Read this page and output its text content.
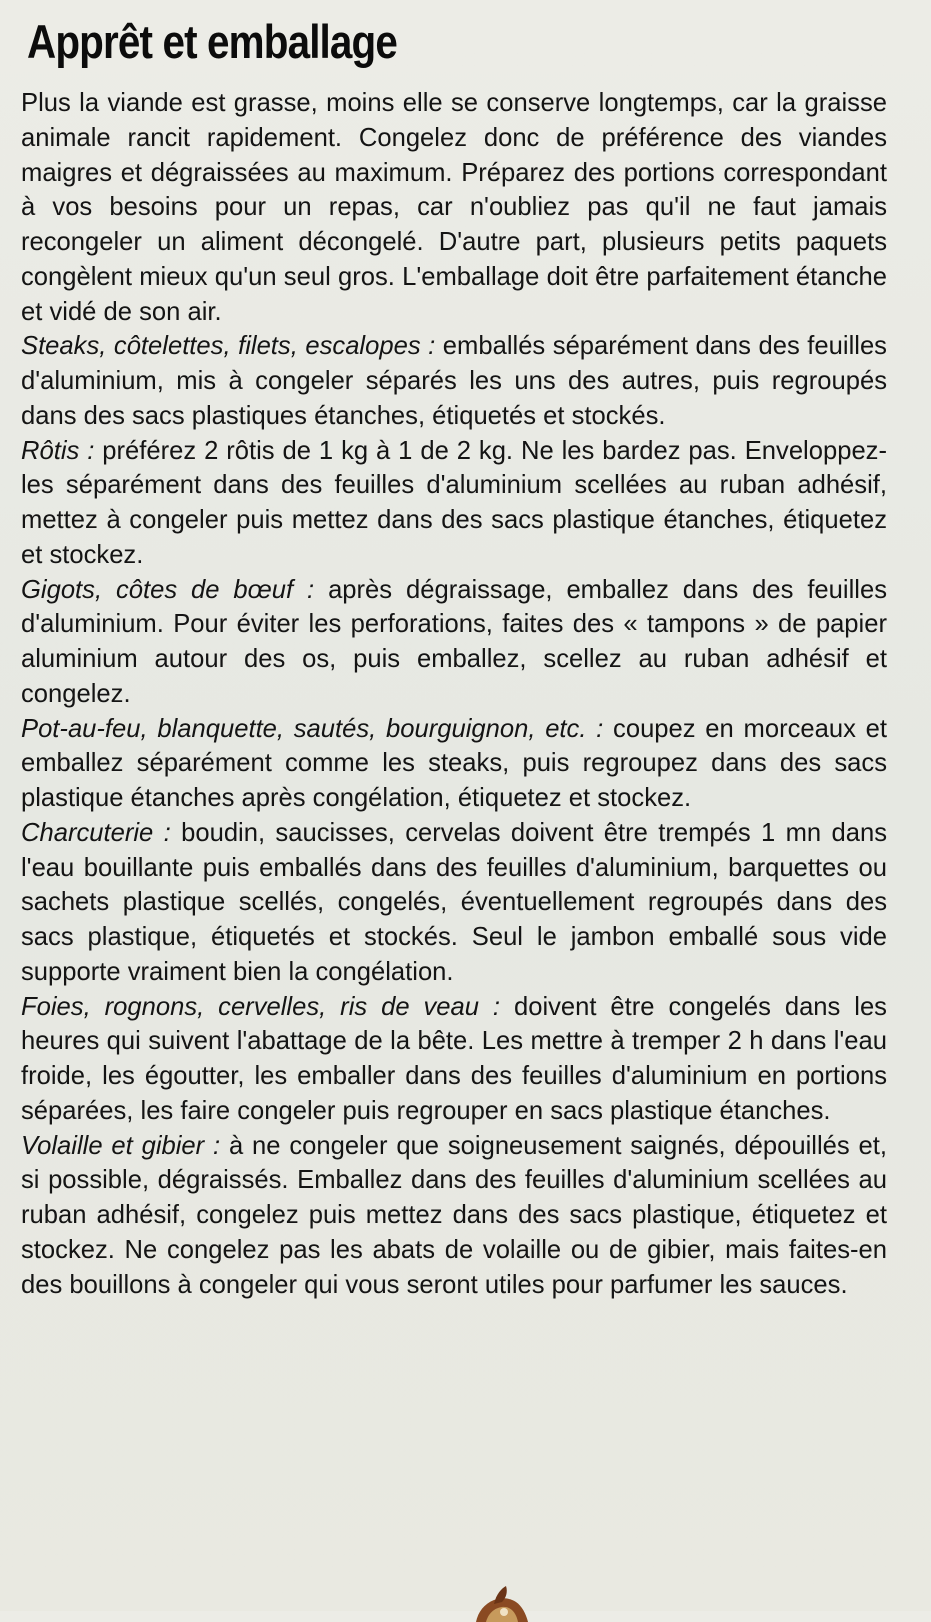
Apprêt et emballage

Plus la viande est grasse, moins elle se conserve longtemps, car la graisse animale rancit rapidement. Congelez donc de préférence des viandes maigres et dégraissées au maximum. Préparez des portions correspondant à vos besoins pour un repas, car n'oubliez pas qu'il ne faut jamais recongeler un aliment décongelé. D'autre part, plusieurs petits paquets congèlent mieux qu'un seul gros. L'emballage doit être parfaitement étanche et vidé de son air.

Steaks, côtelettes, filets, escalopes : emballés séparément dans des feuilles d'aluminium, mis à congeler séparés les uns des autres, puis regroupés dans des sacs plastiques étanches, étiquetés et stockés.

Rôtis : préférez 2 rôtis de 1 kg à 1 de 2 kg. Ne les bardez pas. Enveloppez-les séparément dans des feuilles d'aluminium scellées au ruban adhésif, mettez à congeler puis mettez dans des sacs plastique étanches, étiquetez et stockez.

Gigots, côtes de bœuf : après dégraissage, emballez dans des feuilles d'aluminium. Pour éviter les perforations, faites des « tampons » de papier aluminium autour des os, puis emballez, scellez au ruban adhésif et congelez.

Pot-au-feu, blanquette, sautés, bourguignon, etc. : coupez en morceaux et emballez séparément comme les steaks, puis regroupez dans des sacs plastique étanches après congélation, étiquetez et stockez.

Charcuterie : boudin, saucisses, cervelas doivent être trempés 1 mn dans l'eau bouillante puis emballés dans des feuilles d'aluminium, barquettes ou sachets plastique scellés, congelés, éventuellement regroupés dans des sacs plastique, étiquetés et stockés. Seul le jambon emballé sous vide supporte vraiment bien la congélation.

Foies, rognons, cervelles, ris de veau : doivent être congelés dans les heures qui suivent l'abattage de la bête. Les mettre à tremper 2 h dans l'eau froide, les égoutter, les emballer dans des feuilles d'aluminium en portions séparées, les faire congeler puis regrouper en sacs plastique étanches.

Volaille et gibier : à ne congeler que soigneusement saignés, dépouillés et, si possible, dégraissés. Emballez dans des feuilles d'aluminium scellées au ruban adhésif, congelez puis mettez dans des sacs plastique, étiquetez et stockez. Ne congelez pas les abats de volaille ou de gibier, mais faites-en des bouillons à congeler qui vous seront utiles pour parfumer les sauces.
